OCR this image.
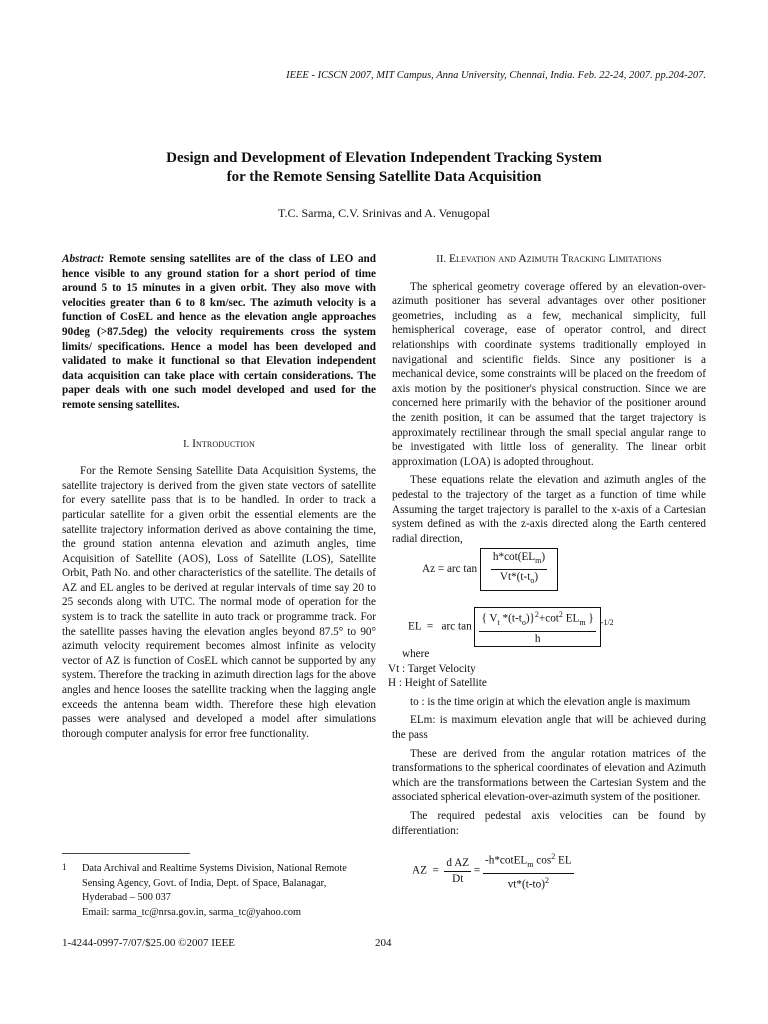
IEEE - ICSCN 2007, MIT Campus, Anna University, Chennai, India. Feb. 22-24, 2007. pp.204-207.
Design and Development of Elevation Independent Tracking System
for the Remote Sensing Satellite Data Acquisition
T.C. Sarma, C.V. Srinivas and A. Venugopal
Abstract: Remote sensing satellites are of the class of LEO and hence visible to any ground station for a short period of time around 5 to 15 minutes in a given orbit. They also move with velocities greater than 6 to 8 km/sec. The azimuth velocity is a function of CosEL and hence as the elevation angle approaches 90deg (>87.5deg) the velocity requirements cross the system limits/ specifications. Hence a model has been developed and validated to make it functional so that Elevation independent data acquisition can take place with certain considerations. The paper deals with one such model developed and used for the remote sensing satellites.
I. Introduction

For the Remote Sensing Satellite Data Acquisition Systems, the satellite trajectory is derived from the given state vectors of satellite for every satellite pass that is to be handled. In order to track a particular satellite for a given orbit the essential elements are the satellite trajectory information derived as above containing the time, the ground station antenna elevation and azimuth angles, time Acquisition of Satellite (AOS), Loss of Satellite (LOS), Satellite Orbit, Path No. and other characteristics of the satellite. The details of AZ and EL angles to be derived at regular intervals of time say 20 to 25 seconds along with UTC. The normal mode of operation for the system is to track the satellite in auto track or programme track. For the satellite passes having the elevation angles beyond 87.5° to 90° azimuth velocity requirement becomes almost infinite as velocity vector of AZ is function of CosEL which cannot be supported by any system. Therefore the tracking in azimuth direction lags for the above angles and hence looses the satellite tracking when the lagging angle exceeds the antenna beam width. Therefore these high elevation passes were analysed and developed a model after simulations thorough computer analysis for error free functionality.

II. Elevation and Azimuth Tracking Limitations

The spherical geometry coverage offered by an elevation-over-azimuth positioner has several advantages over other positioner geometries, including as a few, mechanical simplicity, full hemispherical coverage, ease of operator control, and direct relationships with coordinate systems traditionally employed in navigational and scientific fields. Since any positioner is a mechanical device, some constraints will be placed on the freedom of axis motion by the positioner's physical construction. Since we are concerned here primarily with the behavior of the positioner around the zenith position, it can be assumed that the target trajectory is approximately rectilinear through the small special angular range to be investigated with little loss of generality. The linear orbit approximation (LOA) is adopted throughout.

These equations relate the elevation and azimuth angles of the pedestal to the trajectory of the target as a function of time while Assuming the target trajectory is parallel to the x-axis of a Cartesian system defined as with the z-axis directed along the Earth centered radial direction,

Az = arc $\tan \frac{h*\cot(EL_m)}{Vt*(t-t_o)}$
EL  =   arc $\tan \frac{\{ V_t *(t-t_o)\}^2+\cot^2 EL_m \}}{h} ^{-1/2}$
where
Vt : Target Velocity
H : Height of Satellite

to : is the time origin at which the elevation angle is maximum

ELm: is maximum elevation angle that will be achieved during the pass

These are derived from the angular rotation matrices of the transformations to the spherical coordinates of elevation and Azimuth which are the transformations between the Cartesian System and the associated spherical elevation-over-azimuth system of the positioner.

The required pedestal axis velocities can be found by differentiation:

AZ  = $\frac{\text{d AZ}}{Dt} = \frac{-h*cotEL_m \cos^2 EL}{vt*(t-to)^2}$
1 Data Archival and Realtime Systems Division, National Remote
Sensing Agency, Govt. of India, Dept. of Space, Balanagar,
Hyderabad – 500 037
Email: sarma_tc@nrsa.gov.in, sarma_tc@yahoo.com
1-4244-0997-7/07/$25.00 ©2007 IEEE	204
